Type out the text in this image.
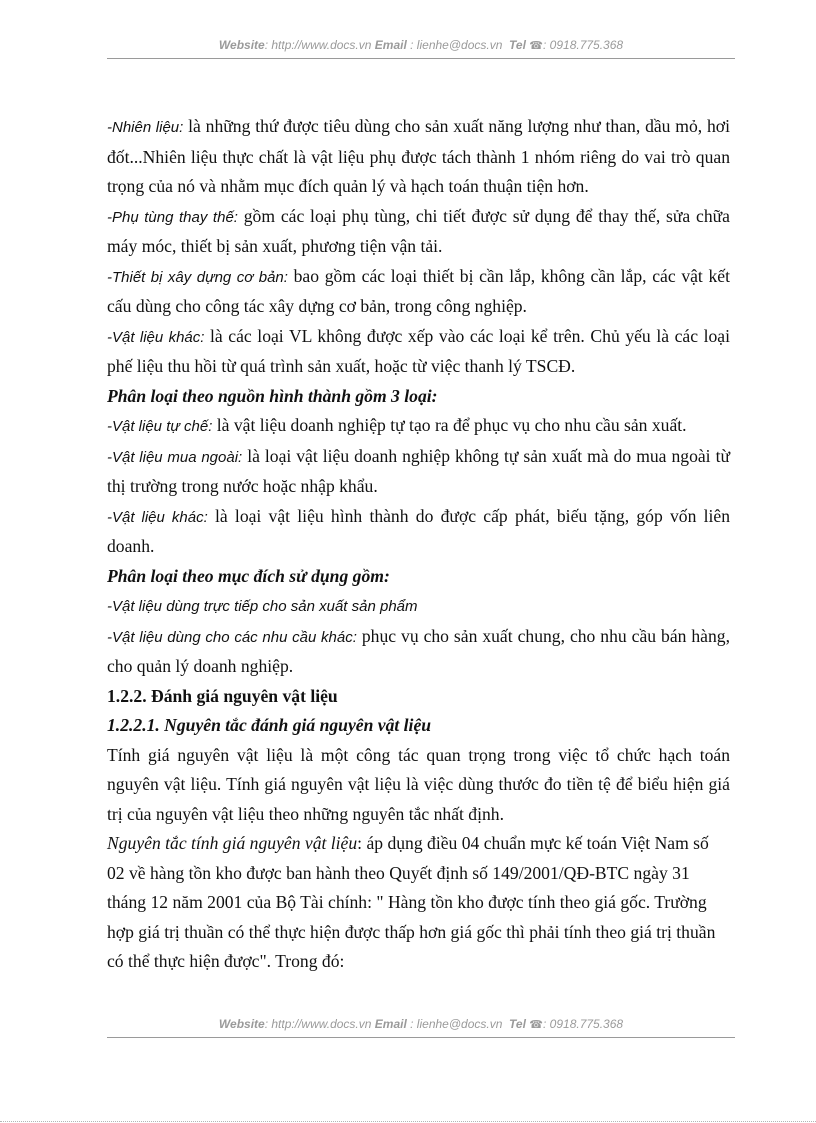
Website: http://www.docs.vn Email : lienhe@docs.vn Tel ☎: 0918.775.368

-Nhiên liệu: là những thứ được tiêu dùng cho sản xuất năng lượng như than, dầu mỏ, hơi đốt...Nhiên liệu thực chất là vật liệu phụ được tách thành 1 nhóm riêng do vai trò quan trọng của nó và nhằm mục đích quản lý và hạch toán thuận tiện hơn.

-Phụ tùng thay thế: gồm các loại phụ tùng, chi tiết được sử dụng để thay thế, sửa chữa máy móc, thiết bị sản xuất, phương tiện vận tải.

-Thiết bị xây dựng cơ bản: bao gồm các loại thiết bị cần lắp, không cần lắp, các vật kết cấu dùng cho công tác xây dựng cơ bản, trong công nghiệp.

-Vật liệu khác: là các loại VL không được xếp vào các loại kể trên. Chủ yếu là các loại phế liệu thu hồi từ quá trình sản xuất, hoặc từ việc thanh lý TSCĐ.

Phân loại theo nguồn hình thành gồm 3 loại:

-Vật liệu tự chế: là vật liệu doanh nghiệp tự tạo ra để phục vụ cho nhu cầu sản xuất.

-Vật liệu mua ngoài: là loại vật liệu doanh nghiệp không tự sản xuất mà do mua ngoài từ thị trường trong nước hoặc nhập khẩu.

-Vật liệu khác: là loại vật liệu hình thành do được cấp phát, biếu tặng, góp vốn liên doanh.

Phân loại theo mục đích sử dụng gồm:

-Vật liệu dùng trực tiếp cho sản xuất sản phẩm

-Vật liệu dùng cho các nhu cầu khác: phục vụ cho sản xuất chung, cho nhu cầu bán hàng, cho quản lý doanh nghiệp.

1.2.2. Đánh giá nguyên vật liệu

1.2.2.1. Nguyên tắc đánh giá nguyên vật liệu

Tính giá nguyên vật liệu là một công tác quan trọng trong việc tổ chức hạch toán nguyên vật liệu. Tính giá nguyên vật liệu là việc dùng thước đo tiền tệ để biểu hiện giá trị của nguyên vật liệu theo những nguyên tắc nhất định.

Nguyên tắc tính giá nguyên vật liệu: áp dụng điều 04 chuẩn mực kế toán Việt Nam số 02 về hàng tồn kho được ban hành theo Quyết định số 149/2001/QĐ-BTC ngày 31 tháng 12 năm 2001 của Bộ Tài chính: " Hàng tồn kho được tính theo giá gốc. Trường hợp giá trị thuần có thể thực hiện được thấp hơn giá gốc thì phải tính theo giá trị thuần có thể thực hiện được". Trong đó:

Website: http://www.docs.vn Email : lienhe@docs.vn Tel ☎: 0918.775.368
